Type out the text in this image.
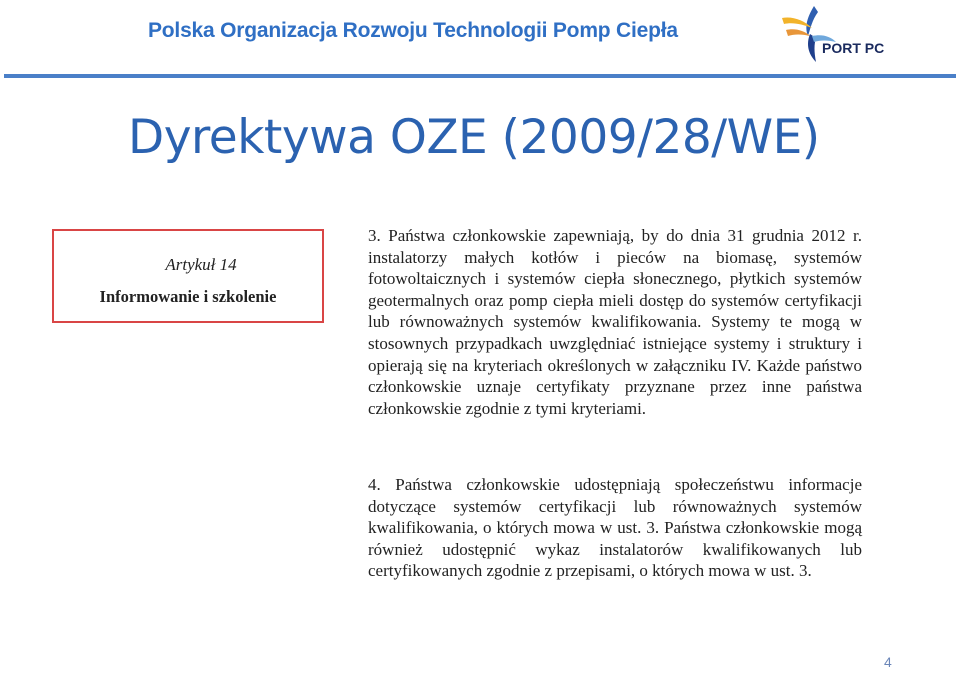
Polska Organizacja Rozwoju Technologii Pomp Ciepła
PORT PC
Dyrektywa OZE (2009/28/WE)
Artykuł 14
Informowanie i szkolenie
3. Państwa członkowskie zapewniają, by do dnia 31 grudnia 2012 r. instalatorzy małych kotłów i pieców na biomasę, systemów fotowoltaicznych i systemów ciepła słonecznego, płytkich systemów geotermalnych oraz pomp ciepła mieli dostęp do systemów certyfikacji lub równoważnych systemów kwalifikowania. Systemy te mogą w stosownych przypadkach uwzględniać istniejące systemy i struktury i opierają się na kryteriach określonych w załączniku IV. Każde państwo członkowskie uznaje certyfikaty przyznane przez inne państwa członkowskie zgodnie z tymi kryteriami.
4. Państwa członkowskie udostępniają społeczeństwu informacje dotyczące systemów certyfikacji lub równoważnych systemów kwalifikowania, o których mowa w ust. 3. Państwa członkowskie mogą również udostępnić wykaz instalatorów kwalifikowanych lub certyfikowanych zgodnie z przepisami, o których mowa w ust. 3.
4
